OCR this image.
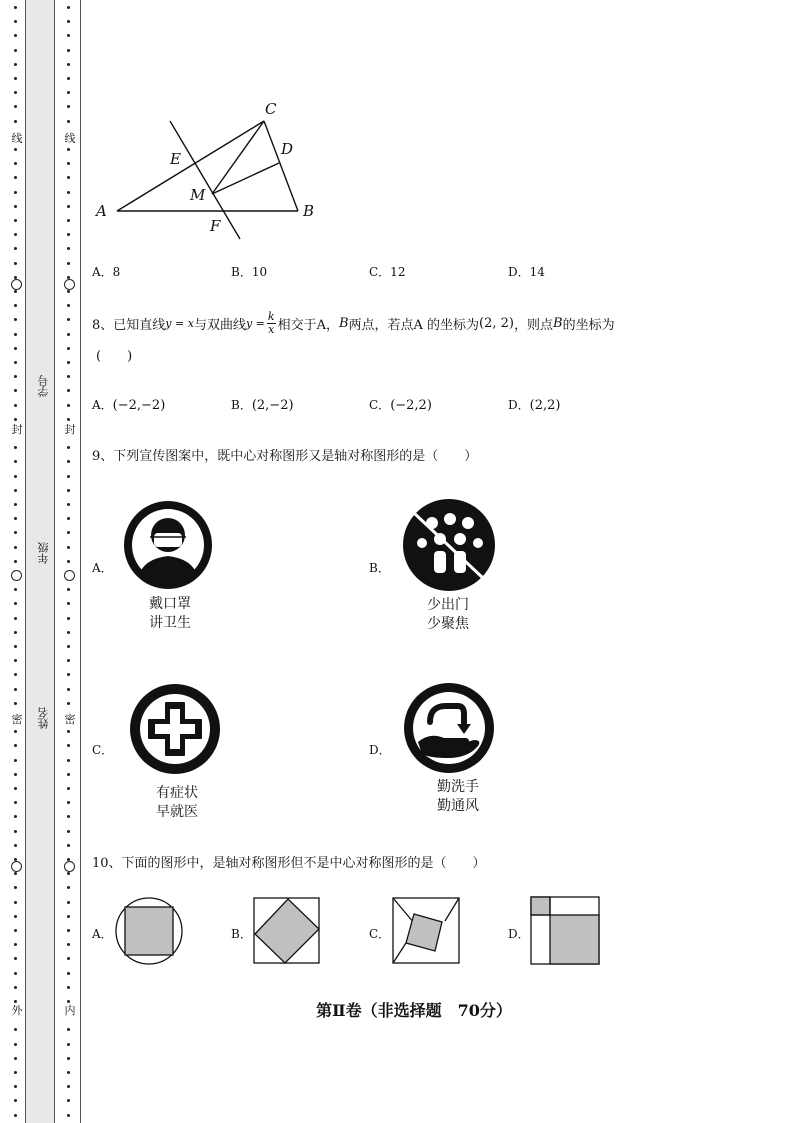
线
封
密
外
线
封
密
内
学号
年级
姓名
A	B
C
D
E
F
M
A．8	B．10	C．12	D．14
8、 已知直线 y = x 与双曲线 $y = \frac{k}{x}$ 相交于A， B 两点，若点A 的坐标为 (2, 2) ，则点 B 的坐标为
(　　)
A．(−2,−2)	B．(2,−2)	C．(−2,2)	D．(2,2)
9、下列宣传图案中，既中心对称图形又是轴对称图形的是（　　）
A．
戴口罩
讲卫生
B．
少出门
少聚焦
C．
有症状
早就医
D．
勤洗手
勤通风
10、下面的图形中，是轴对称图形但不是中心对称图形的是（　　）
A．	B．	C．	D．
第Ⅱ卷（非选择题　70分）
